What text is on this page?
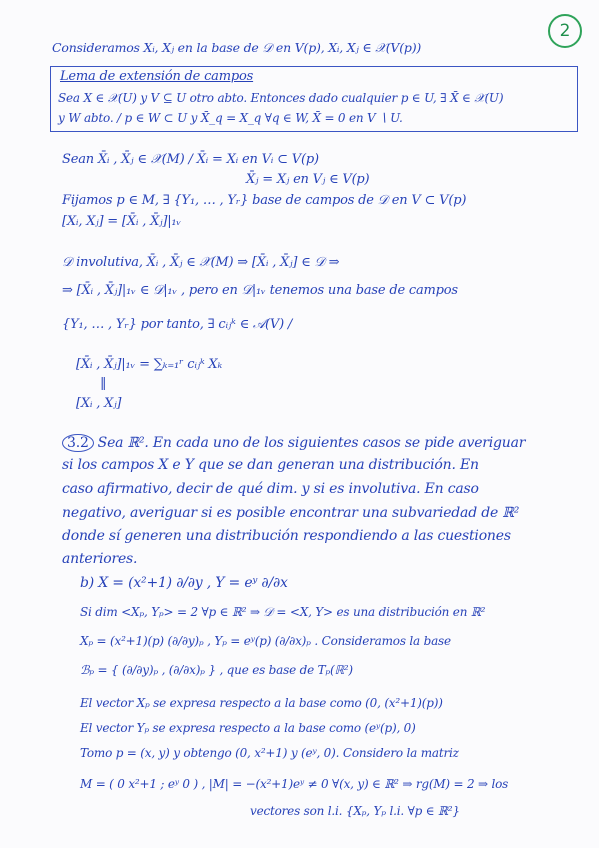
2
Consideramos Xᵢ, Xⱼ en la base de 𝒟 en V(p), Xᵢ, Xⱼ ∈ 𝒳(V(p))
Lema de extensión de campos
Sea X ∈ 𝒳(U) y V ⊆ U otro abto. Entonces dado cualquier p ∈ U, ∃ X̄ ∈ 𝒳(U)
y W abto. / p ∈ W ⊂ U y X̄_q = X_q ∀q ∈ W, X̄ = 0 en V ∖ U.
Sean X̄ᵢ , X̄ⱼ ∈ 𝒳(M) / X̄ᵢ = Xᵢ en Vᵢ ⊂ V(p)
X̄ⱼ = Xⱼ en Vⱼ ∈ V(p)
Fijamos p ∈ M, ∃ {Y₁, … , Yᵣ} base de campos de 𝒟 en V ⊂ V(p)
[Xᵢ, Xⱼ] = [X̄ᵢ , X̄ⱼ]|₁ᵥ
𝒟 involutiva, X̄ᵢ , X̄ⱼ ∈ 𝒳(M) ⇒ [X̄ᵢ , X̄ⱼ] ∈ 𝒟 ⇒
⇒ [X̄ᵢ , X̄ⱼ]|₁ᵥ ∈ 𝒟|₁ᵥ , pero en 𝒟|₁ᵥ tenemos una base de campos
{Y₁, … , Yᵣ} por tanto, ∃ cᵢⱼᵏ ∈ 𝒜(V) /
[X̄ᵢ , X̄ⱼ]|₁ᵥ = ∑ₖ₌₁ʳ cᵢⱼᵏ Xₖ
‖
[Xᵢ , Xⱼ]
3.2 Sea ℝ². En cada uno de los siguientes casos se pide averiguar
si los campos X e Y que se dan generan una distribución. En
caso afirmativo, decir de qué dim. y si es involutiva. En caso
negativo, averiguar si es posible encontrar una subvariedad de ℝ²
donde sí generen una distribución respondiendo a las cuestiones
anteriores.
b) X = (x²+1) ∂/∂y , Y = eʸ ∂/∂x
Si dim <Xₚ, Yₚ> = 2 ∀p ∈ ℝ² ⇒ 𝒟 = <X, Y> es una distribución en ℝ²
Xₚ = (x²+1)(p) (∂/∂y)ₚ , Yₚ = eʸ(p) (∂/∂x)ₚ . Consideramos la base
ℬₚ = { (∂/∂y)ₚ , (∂/∂x)ₚ } , que es base de Tₚ(ℝ²)
El vector Xₚ se expresa respecto a la base como (0, (x²+1)(p))
El vector Yₚ se expresa respecto a la base como (eʸ(p), 0)
Tomo p = (x, y) y obtengo (0, x²+1) y (eʸ, 0). Considero la matriz
M = ( 0 x²+1 ; eʸ 0 ) , |M| = −(x²+1)eʸ ≠ 0 ∀(x, y) ∈ ℝ² ⇒ rg(M) = 2 ⇒ los
vectores son l.i. {Xₚ, Yₚ l.i. ∀p ∈ ℝ²}
